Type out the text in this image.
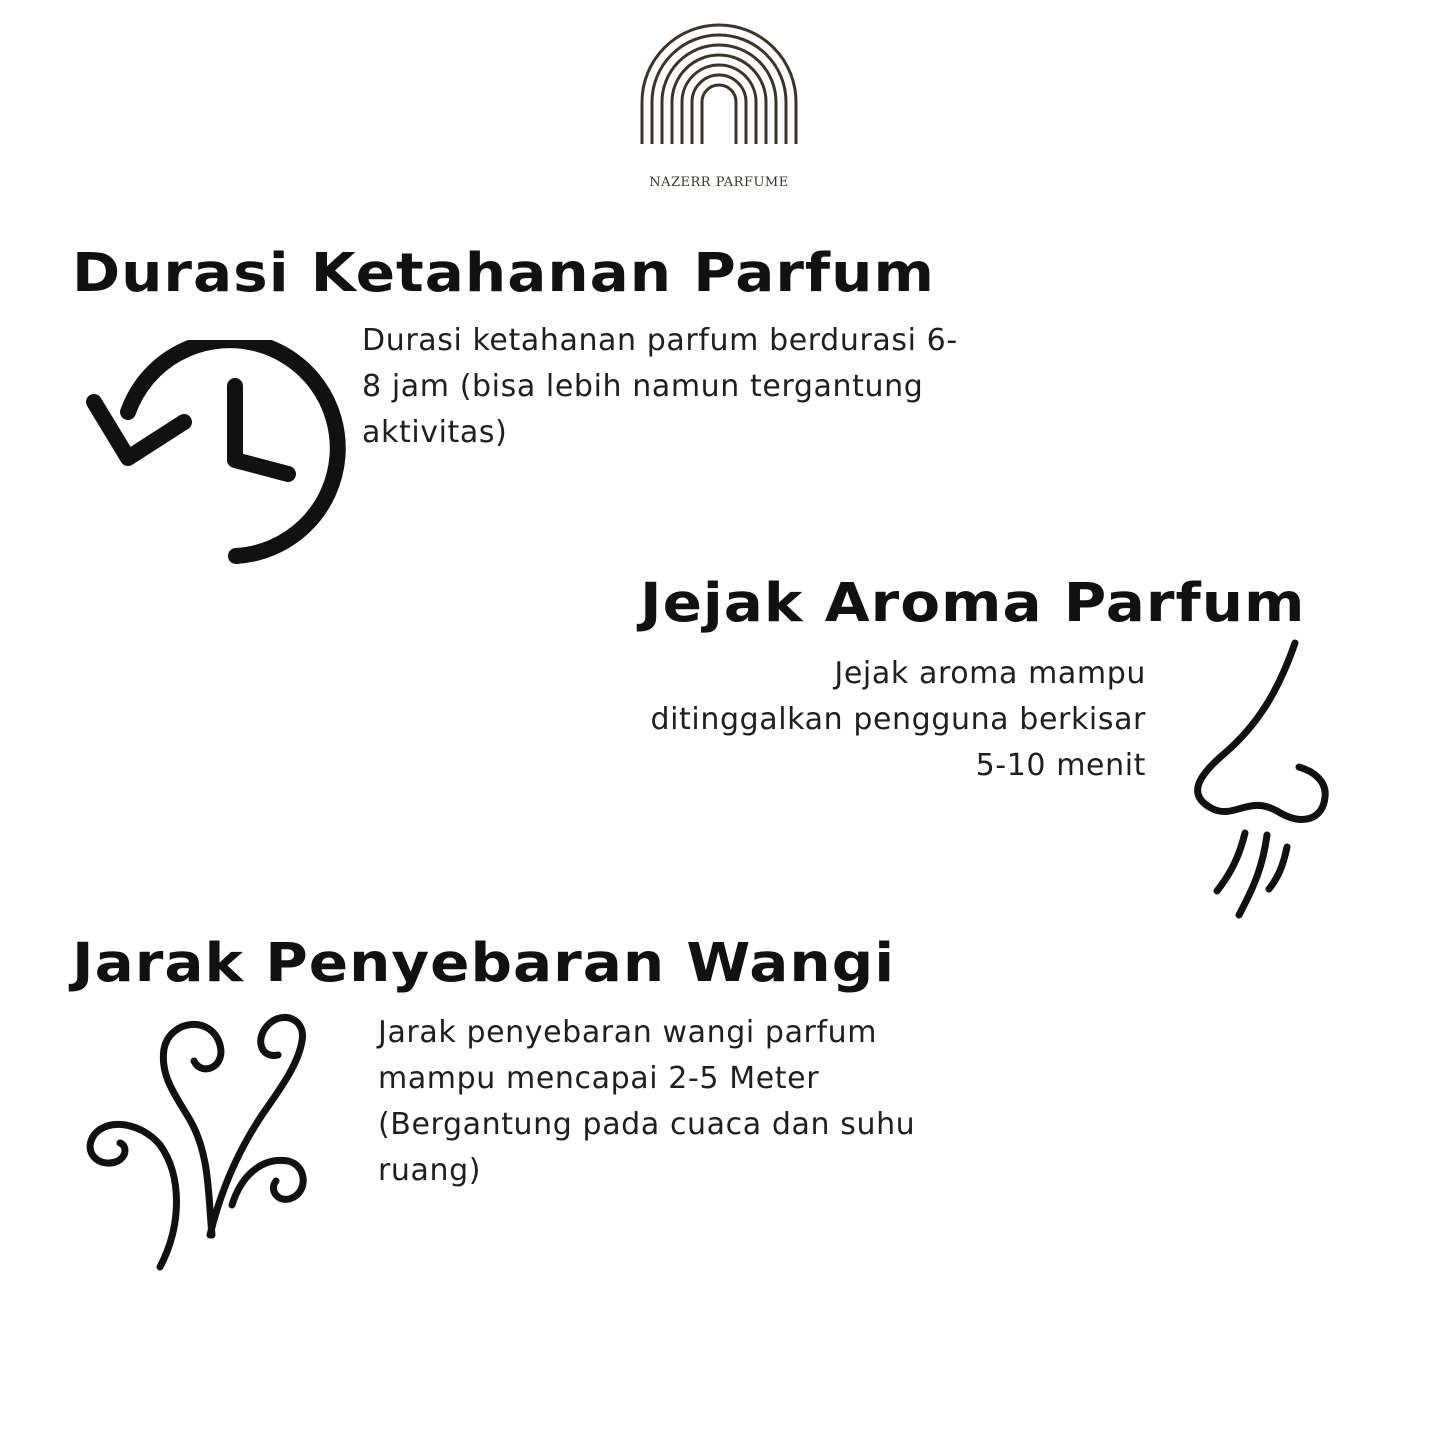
NAZERR PARFUME
Durasi Ketahanan Parfum
Durasi ketahanan parfum berdurasi 6-
8 jam (bisa lebih namun tergantung
aktivitas)
Jejak Aroma Parfum
Jejak aroma mampu
ditinggalkan pengguna berkisar
5-10 menit
Jarak Penyebaran Wangi
Jarak penyebaran wangi parfum
mampu mencapai 2-5 Meter
(Bergantung pada cuaca dan suhu
ruang)
